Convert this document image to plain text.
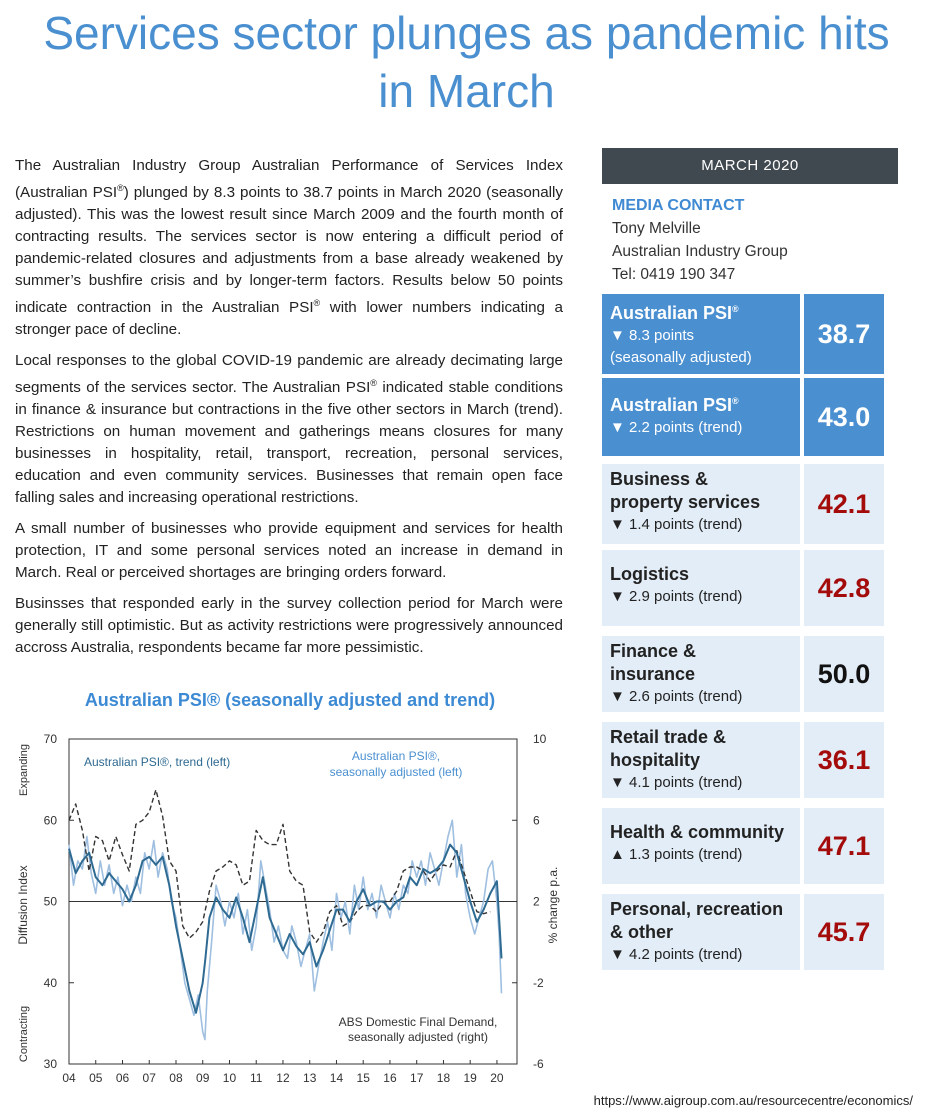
Services sector plunges as pandemic hits
in March

The Australian Industry Group Australian Performance of Services Index (Australian PSI®) plunged by 8.3 points to 38.7 points in March 2020 (seasonally adjusted). This was the lowest result since March 2009 and the fourth month of contracting results. The services sector is now entering a difficult period of pandemic-related closures and adjustments from a base already weakened by summer’s bushfire crisis and by longer-term factors. Results below 50 points indicate contraction in the Australian PSI® with lower numbers indicating a stronger pace of decline.

Local responses to the global COVID-19 pandemic are already decimating large segments of the services sector. The Australian PSI® indicated stable conditions in finance & insurance but contractions in the five other sectors in March (trend). Restrictions on human movement and gatherings means closures for many businesses in hospitality, retail, transport, recreation, personal services, education and even community services. Businesses that remain open face falling sales and increasing operational restrictions.

A small number of businesses who provide equipment and services for health protection, IT and some personal services noted an increase in demand in March. Real or perceived shortages are bringing orders forward.

Businsses that responded early in the survey collection period for March were generally still optimistic. But as activity restrictions were progressively announced accross Australia, respondents became far more pessimistic.

Australian PSI® (seasonally adjusted and trend)
30
40
50
60
70
-6
-2
2
6
10
04 05 06 07 08 09 10 11 12 13 14 15 16 17 18 19 20
Diffusion Index
Expanding
Contracting
% change p.a.
Australian PSI®, trend (left)	Australian PSI®,
seasonally adjusted (left)
ABS Domestic Final Demand,
seasonally adjusted (right)
MARCH 2020
MEDIA CONTACT
Tony Melville
Australian Industry Group
Tel: 0419 190 347
Australian PSI®
▼ 8.3 points
(seasonally adjusted)
38.7
Australian PSI®
▼ 2.2 points (trend)	43.0
Business &
property services
▼ 1.4 points (trend)
42.1
Logistics
▼ 2.9 points (trend)	42.8
Finance &
insurance
▼ 2.6 points (trend)
50.0
Retail trade &
hospitality
▼ 4.1 points (trend)
36.1
Health & community
▲ 1.3 points (trend)	47.1
Personal, recreation
& other
▼ 4.2 points (trend)
45.7
https://www.aigroup.com.au/resourcecentre/economics/
